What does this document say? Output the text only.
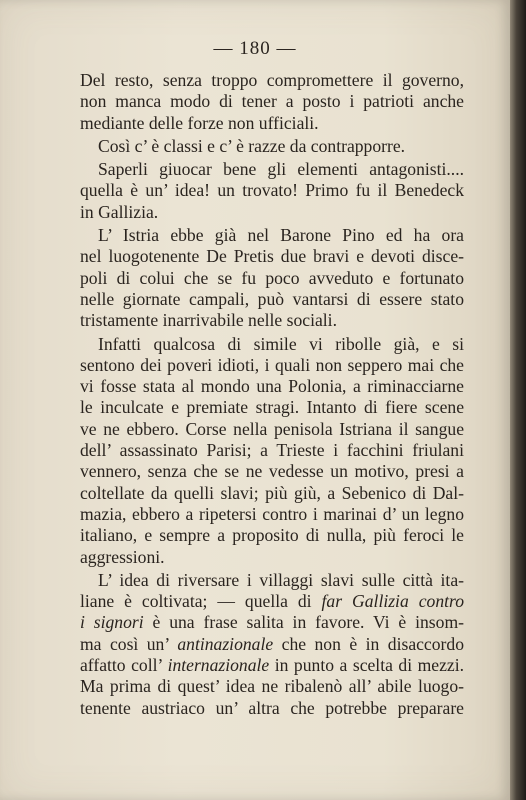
— 180 —
Del resto, senza troppo compromettere il governo,
non manca modo di tener a posto i patrioti anche
mediante delle forze non ufficiali.
Così c’ è classi e c’ è razze da contrapporre.
Saperli giuocar bene gli elementi antagonisti....
quella è un’ idea! un trovato! Primo fu il Benedeck
in Gallizia.
L’ Istria ebbe già nel Barone Pino ed ha ora
nel luogotenente De Pretis due bravi e devoti disce-
poli di colui che se fu poco avveduto e fortunato
nelle giornate campali, può vantarsi di essere stato
tristamente inarrivabile nelle sociali.
Infatti qualcosa di simile vi ribolle già, e si
sentono dei poveri idioti, i quali non seppero mai che
vi fosse stata al mondo una Polonia, a riminacciarne
le inculcate e premiate stragi. Intanto di fiere scene
ve ne ebbero. Corse nella penisola Istriana il sangue
dell’ assassinato Parisi; a Trieste i facchini friulani
vennero, senza che se ne vedesse un motivo, presi a
coltellate da quelli slavi; più giù, a Sebenico di Dal-
mazia, ebbero a ripetersi contro i marinai d’ un legno
italiano, e sempre a proposito di nulla, più feroci le
aggressioni.
L’ idea di riversare i villaggi slavi sulle città ita-
liane è coltivata; — quella di far Gallizia contro
i signori è una frase salita in favore. Vi è insom-
ma così un’ antinazionale che non è in disaccordo
affatto coll’ internazionale in punto a scelta di mezzi.
Ma prima di quest’ idea ne ribalenò all’ abile luogo-
tenente austriaco un’ altra che potrebbe preparare
